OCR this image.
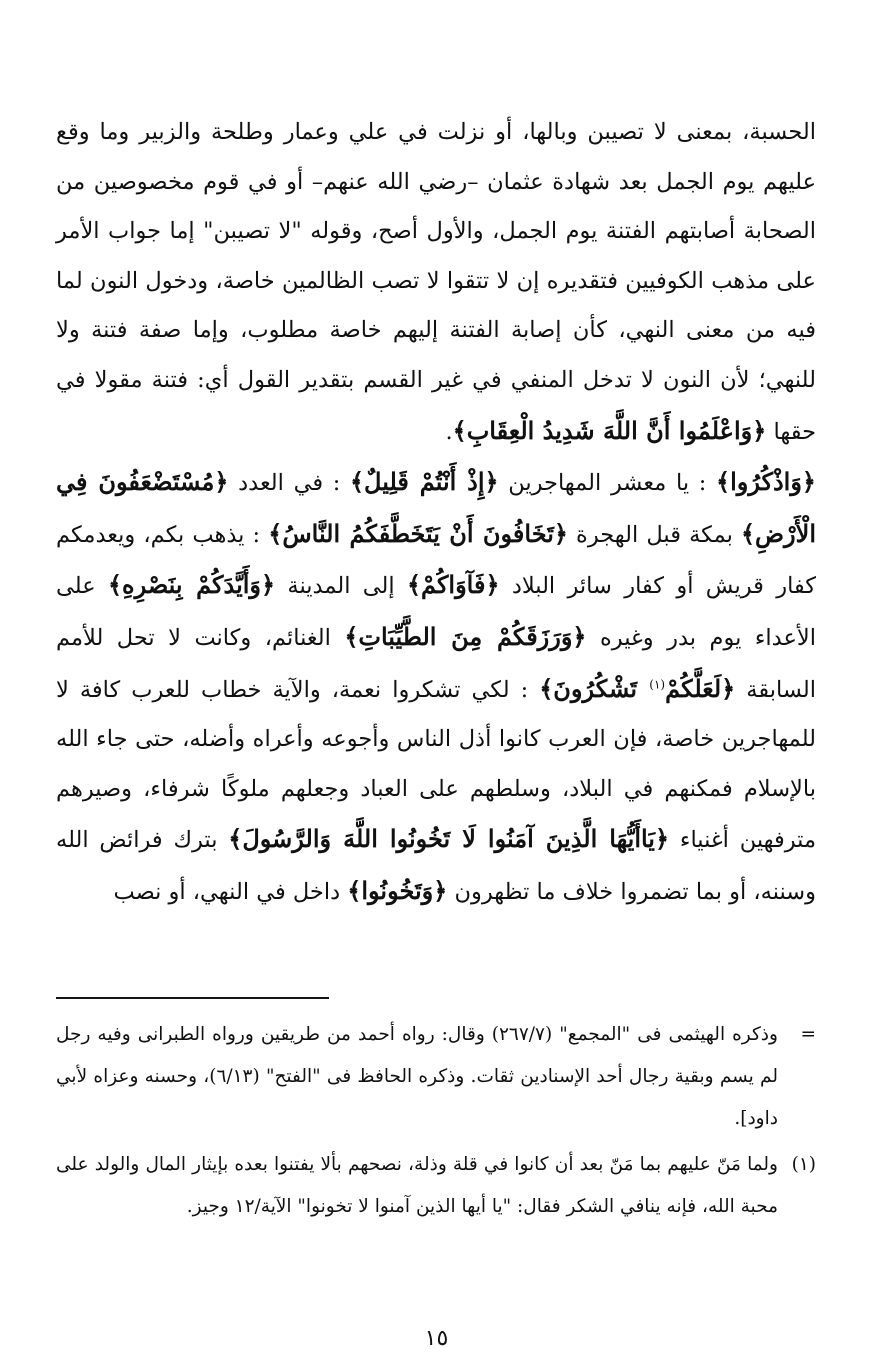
الحسبة، بمعنى لا تصيبن وبالها، أو نزلت في علي وعمار وطلحة والزبير وما وقع عليهم يوم الجمل بعد شهادة عثمان –رضي الله عنهم– أو في قوم مخصوصين من الصحابة أصابتهم الفتنة يوم الجمل، والأول أصح، وقوله "لا تصيبن" إما جواب الأمر على مذهب الكوفيين فتقديره إن لا تتقوا لا تصب الظالمين خاصة، ودخول النون لما فيه من معنى النهي، كأن إصابة الفتنة إليهم خاصة مطلوب، وإما صفة فتنة ولا للنهي؛ لأن النون لا تدخل المنفي في غير القسم بتقدير القول أي: فتنة مقولا في حقها ﴿وَاعْلَمُوا أَنَّ اللَّهَ شَدِيدُ الْعِقَابِ﴾.

﴿وَاذْكُرُوا﴾ : يا معشر المهاجرين ﴿إِذْ أَنْتُمْ قَلِيلٌ﴾ : في العدد ﴿مُسْتَضْعَفُونَ فِي الْأَرْضِ﴾ بمكة قبل الهجرة ﴿تَخَافُونَ أَنْ يَتَخَطَّفَكُمُ النَّاسُ﴾ : يذهب بكم، ويعدمكم كفار قريش أو كفار سائر البلاد ﴿فَآوَاكُمْ﴾ إلى المدينة ﴿وَأَيَّدَكُمْ بِنَصْرِهِ﴾ على الأعداء يوم بدر وغيره ﴿وَرَزَقَكُمْ مِنَ الطَّيِّبَاتِ﴾ الغنائم، وكانت لا تحل للأمم السابقة ﴿لَعَلَّكُمْ$^{(١)}$ تَشْكُرُونَ﴾ : لكي تشكروا نعمة، والآية خطاب للعرب كافة لا للمهاجرين خاصة، فإن العرب كانوا أذل الناس وأجوعه وأعراه وأضله، حتى جاء الله بالإسلام فمكنهم في البلاد، وسلطهم على العباد وجعلهم ملوكًا شرفاء، وصيرهم مترفهين أغنياء ﴿يَاأَيُّهَا الَّذِينَ آمَنُوا لَا تَخُونُوا اللَّهَ وَالرَّسُولَ﴾ بترك فرائض الله وسننه، أو بما تضمروا خلاف ما تظهرون ﴿وَتَخُونُوا﴾ داخل في النهي، أو نصب

=
وذكره الهيثمى فى "المجمع" (٢٦٧/٧) وقال: رواه أحمد من طريقين ورواه الطبرانى وفيه رجل لم يسم وبقية رجال أحد الإسنادين ثقات. وذكره الحافظ فى "الفتح" (٦/١٣)، وحسنه وعزاه لأبي داود].

(١)
ولما مَنّ عليهم بما مَنّ بعد أن كانوا في قلة وذلة، نصحهم بألا يفتنوا بعده بإيثار المال والولد على محبة الله، فإنه ينافي الشكر فقال: "يا أيها الذين آمنوا لا تخونوا" الآية/١٢ وجيز.

١٥
